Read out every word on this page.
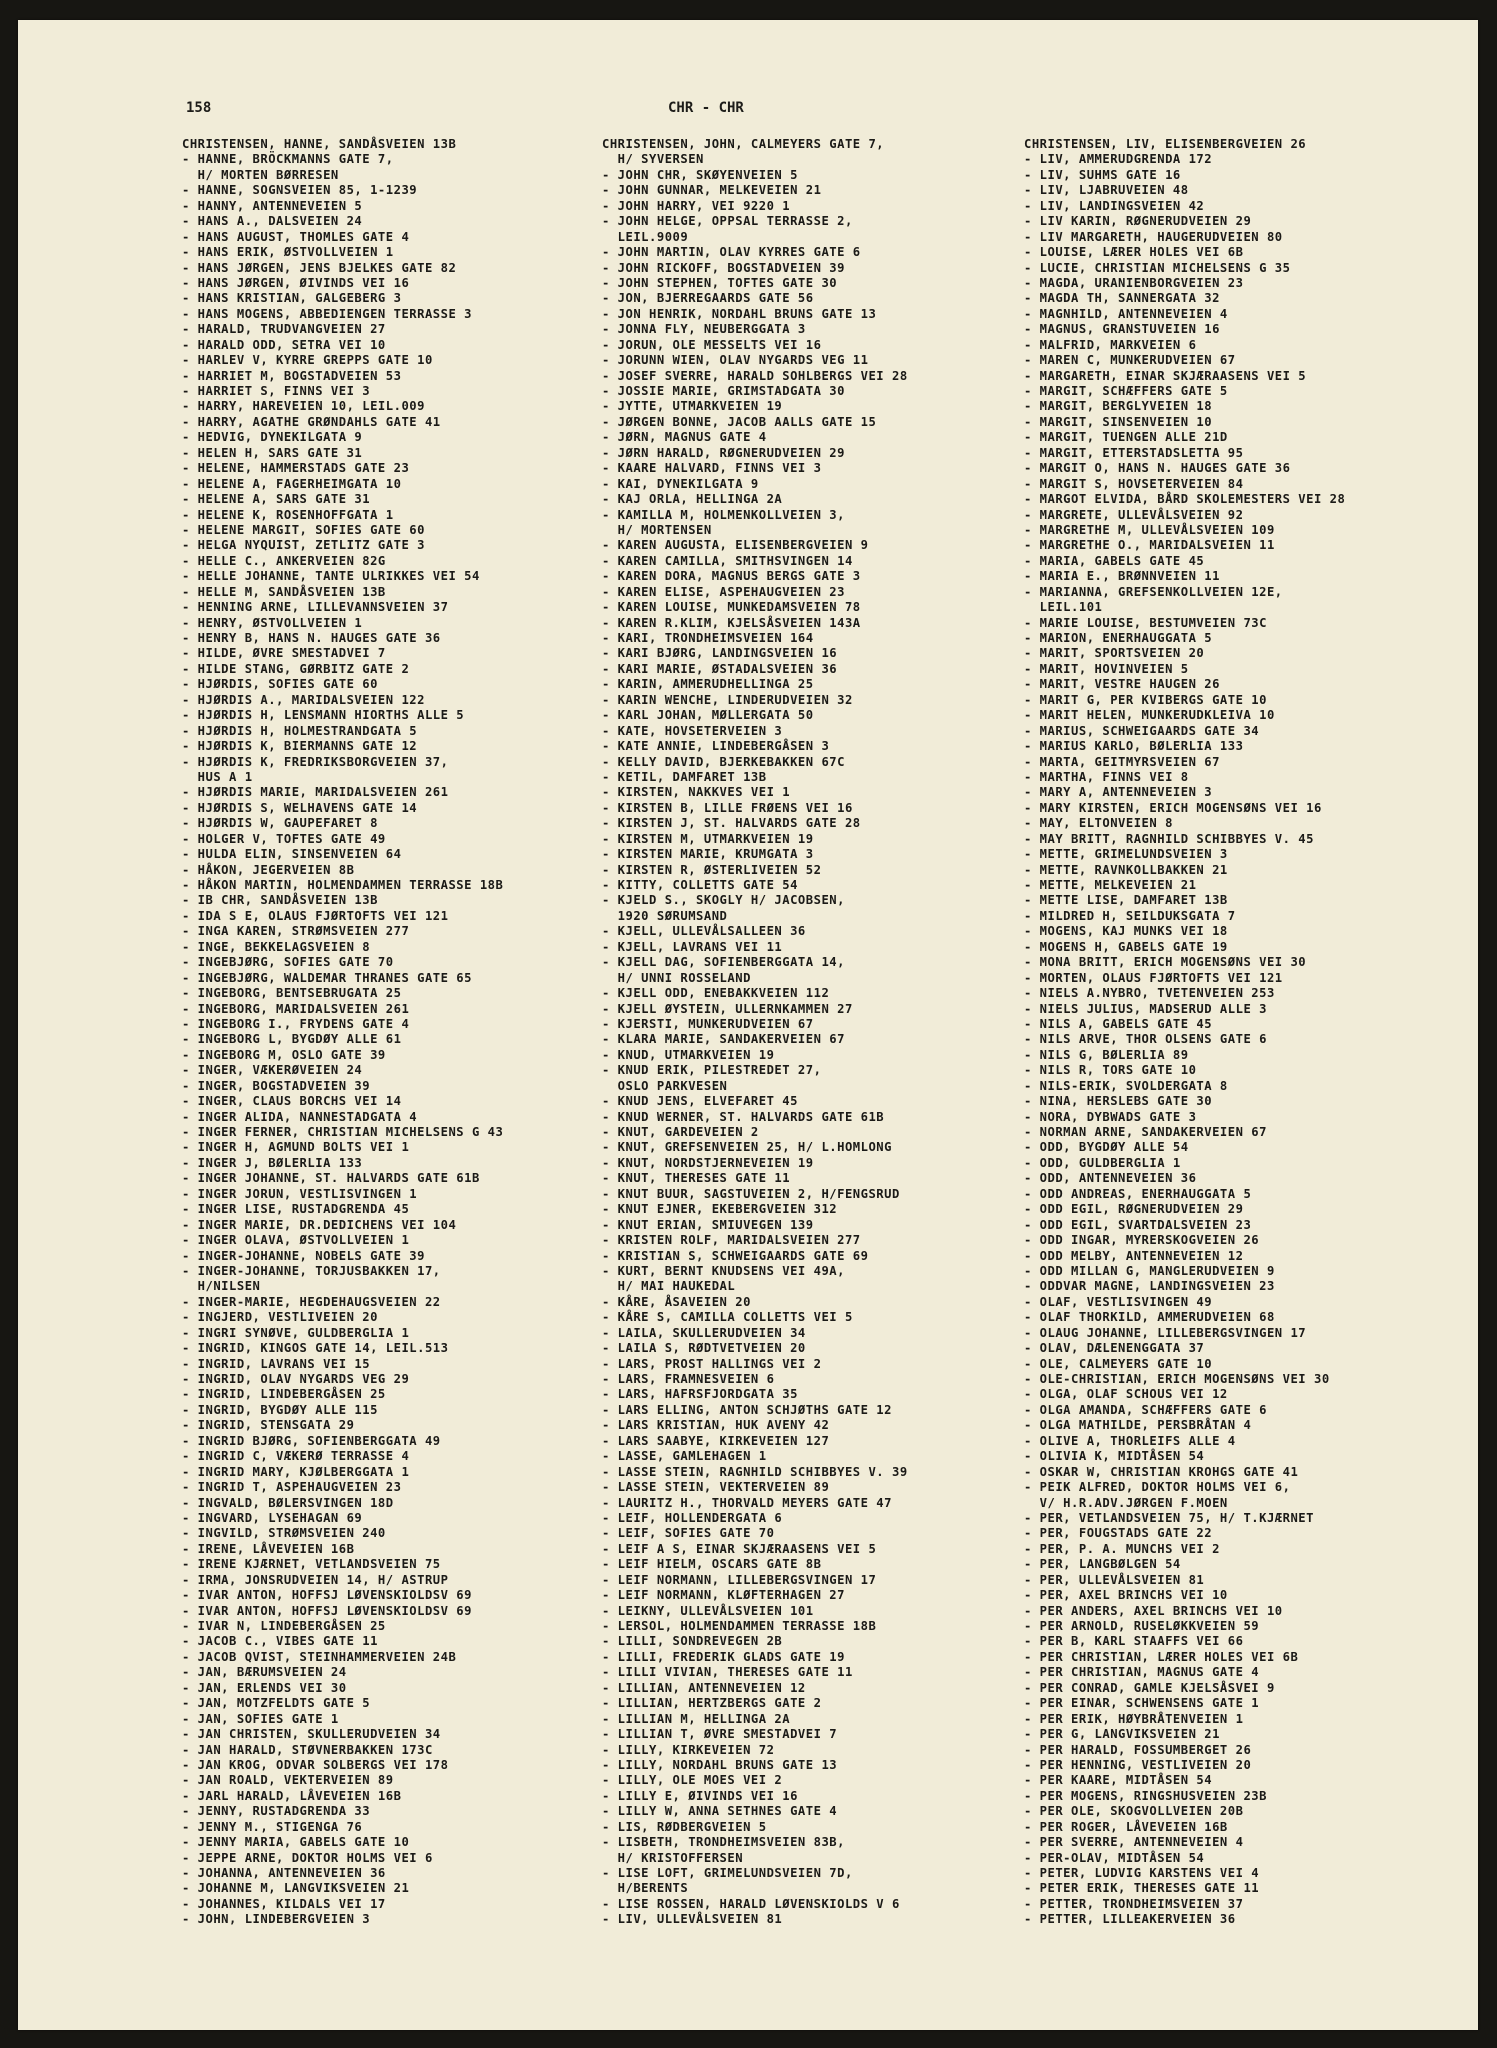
158	CHR - CHR
CHRISTENSEN, HANNE, SANDÅSVEIEN 13B
- HANNE, BRÖCKMANNS GATE 7,
H/ MORTEN BØRRESEN
- HANNE, SOGNSVEIEN 85, 1-1239
- HANNY, ANTENNEVEIEN 5
- HANS A., DALSVEIEN 24
- HANS AUGUST, THOMLES GATE 4
- HANS ERIK, ØSTVOLLVEIEN 1
- HANS JØRGEN, JENS BJELKES GATE 82
- HANS JØRGEN, ØIVINDS VEI 16
- HANS KRISTIAN, GALGEBERG 3
- HANS MOGENS, ABBEDIENGEN TERRASSE 3
- HARALD, TRUDVANGVEIEN 27
- HARALD ODD, SETRA VEI 10
- HARLEV V, KYRRE GREPPS GATE 10
- HARRIET M, BOGSTADVEIEN 53
- HARRIET S, FINNS VEI 3
- HARRY, HAREVEIEN 10, LEIL.009
- HARRY, AGATHE GRØNDAHLS GATE 41
- HEDVIG, DYNEKILGATA 9
- HELEN H, SARS GATE 31
- HELENE, HAMMERSTADS GATE 23
- HELENE A, FAGERHEIMGATA 10
- HELENE A, SARS GATE 31
- HELENE K, ROSENHOFFGATA 1
- HELENE MARGIT, SOFIES GATE 60
- HELGA NYQUIST, ZETLITZ GATE 3
- HELLE C., ANKERVEIEN 82G
- HELLE JOHANNE, TANTE ULRIKKES VEI 54
- HELLE M, SANDÅSVEIEN 13B
- HENNING ARNE, LILLEVANNSVEIEN 37
- HENRY, ØSTVOLLVEIEN 1
- HENRY B, HANS N. HAUGES GATE 36
- HILDE, ØVRE SMESTADVEI 7
- HILDE STANG, GØRBITZ GATE 2
- HJØRDIS, SOFIES GATE 60
- HJØRDIS A., MARIDALSVEIEN 122
- HJØRDIS H, LENSMANN HIORTHS ALLE 5
- HJØRDIS H, HOLMESTRANDGATA 5
- HJØRDIS K, BIERMANNS GATE 12
- HJØRDIS K, FREDRIKSBORGVEIEN 37,
HUS A 1
- HJØRDIS MARIE, MARIDALSVEIEN 261
- HJØRDIS S, WELHAVENS GATE 14
- HJØRDIS W, GAUPEFARET 8
- HOLGER V, TOFTES GATE 49
- HULDA ELIN, SINSENVEIEN 64
- HÅKON, JEGERVEIEN 8B
- HÅKON MARTIN, HOLMENDAMMEN TERRASSE 18B
- IB CHR, SANDÅSVEIEN 13B
- IDA S E, OLAUS FJØRTOFTS VEI 121
- INGA KAREN, STRØMSVEIEN 277
- INGE, BEKKELAGSVEIEN 8
- INGEBJØRG, SOFIES GATE 70
- INGEBJØRG, WALDEMAR THRANES GATE 65
- INGEBORG, BENTSEBRUGATA 25
- INGEBORG, MARIDALSVEIEN 261
- INGEBORG I., FRYDENS GATE 4
- INGEBORG L, BYGDØY ALLE 61
- INGEBORG M, OSLO GATE 39
- INGER, VÆKERØVEIEN 24
- INGER, BOGSTADVEIEN 39
- INGER, CLAUS BORCHS VEI 14
- INGER ALIDA, NANNESTADGATA 4
- INGER FERNER, CHRISTIAN MICHELSENS G 43
- INGER H, AGMUND BOLTS VEI 1
- INGER J, BØLERLIA 133
- INGER JOHANNE, ST. HALVARDS GATE 61B
- INGER JORUN, VESTLISVINGEN 1
- INGER LISE, RUSTADGRENDA 45
- INGER MARIE, DR.DEDICHENS VEI 104
- INGER OLAVA, ØSTVOLLVEIEN 1
- INGER-JOHANNE, NOBELS GATE 39
- INGER-JOHANNE, TORJUSBAKKEN 17,
H/NILSEN
- INGER-MARIE, HEGDEHAUGSVEIEN 22
- INGJERD, VESTLIVEIEN 20
- INGRI SYNØVE, GULDBERGLIA 1
- INGRID, KINGOS GATE 14, LEIL.513
- INGRID, LAVRANS VEI 15
- INGRID, OLAV NYGARDS VEG 29
- INGRID, LINDEBERGÅSEN 25
- INGRID, BYGDØY ALLE 115
- INGRID, STENSGATA 29
- INGRID BJØRG, SOFIENBERGGATA 49
- INGRID C, VÆKERØ TERRASSE 4
- INGRID MARY, KJØLBERGGATA 1
- INGRID T, ASPEHAUGVEIEN 23
- INGVALD, BØLERSVINGEN 18D
- INGVARD, LYSEHAGAN 69
- INGVILD, STRØMSVEIEN 240
- IRENE, LÅVEVEIEN 16B
- IRENE KJÆRNET, VETLANDSVEIEN 75
- IRMA, JONSRUDVEIEN 14, H/ ASTRUP
- IVAR ANTON, HOFFSJ LØVENSKIOLDSV 69
- IVAR ANTON, HOFFSJ LØVENSKIOLDSV 69
- IVAR N, LINDEBERGÅSEN 25
- JACOB C., VIBES GATE 11
- JACOB QVIST, STEINHAMMERVEIEN 24B
- JAN, BÆRUMSVEIEN 24
- JAN, ERLENDS VEI 30
- JAN, MOTZFELDTS GATE 5
- JAN, SOFIES GATE 1
- JAN CHRISTEN, SKULLERUDVEIEN 34
- JAN HARALD, STØVNERBAKKEN 173C
- JAN KROG, ODVAR SOLBERGS VEI 178
- JAN ROALD, VEKTERVEIEN 89
- JARL HARALD, LÅVEVEIEN 16B
- JENNY, RUSTADGRENDA 33
- JENNY M., STIGENGA 76
- JENNY MARIA, GABELS GATE 10
- JEPPE ARNE, DOKTOR HOLMS VEI 6
- JOHANNA, ANTENNEVEIEN 36
- JOHANNE M, LANGVIKSVEIEN 21
- JOHANNES, KILDALS VEI 17
- JOHN, LINDEBERGVEIEN 3
CHRISTENSEN, JOHN, CALMEYERS GATE 7,
H/ SYVERSEN
- JOHN CHR, SKØYENVEIEN 5
- JOHN GUNNAR, MELKEVEIEN 21
- JOHN HARRY, VEI 9220 1
- JOHN HELGE, OPPSAL TERRASSE 2,
LEIL.9009
- JOHN MARTIN, OLAV KYRRES GATE 6
- JOHN RICKOFF, BOGSTADVEIEN 39
- JOHN STEPHEN, TOFTES GATE 30
- JON, BJERREGAARDS GATE 56
- JON HENRIK, NORDAHL BRUNS GATE 13
- JONNA FLY, NEUBERGGATA 3
- JORUN, OLE MESSELTS VEI 16
- JORUNN WIEN, OLAV NYGARDS VEG 11
- JOSEF SVERRE, HARALD SOHLBERGS VEI 28
- JOSSIE MARIE, GRIMSTADGATA 30
- JYTTE, UTMARKVEIEN 19
- JØRGEN BONNE, JACOB AALLS GATE 15
- JØRN, MAGNUS GATE 4
- JØRN HARALD, RØGNERUDVEIEN 29
- KAARE HALVARD, FINNS VEI 3
- KAI, DYNEKILGATA 9
- KAJ ORLA, HELLINGA 2A
- KAMILLA M, HOLMENKOLLVEIEN 3,
H/ MORTENSEN
- KAREN AUGUSTA, ELISENBERGVEIEN 9
- KAREN CAMILLA, SMITHSVINGEN 14
- KAREN DORA, MAGNUS BERGS GATE 3
- KAREN ELISE, ASPEHAUGVEIEN 23
- KAREN LOUISE, MUNKEDAMSVEIEN 78
- KAREN R.KLIM, KJELSÅSVEIEN 143A
- KARI, TRONDHEIMSVEIEN 164
- KARI BJØRG, LANDINGSVEIEN 16
- KARI MARIE, ØSTADALSVEIEN 36
- KARIN, AMMERUDHELLINGA 25
- KARIN WENCHE, LINDERUDVEIEN 32
- KARL JOHAN, MØLLERGATA 50
- KATE, HOVSETERVEIEN 3
- KATE ANNIE, LINDEBERGÅSEN 3
- KELLY DAVID, BJERKEBAKKEN 67C
- KETIL, DAMFARET 13B
- KIRSTEN, NAKKVES VEI 1
- KIRSTEN B, LILLE FRØENS VEI 16
- KIRSTEN J, ST. HALVARDS GATE 28
- KIRSTEN M, UTMARKVEIEN 19
- KIRSTEN MARIE, KRUMGATA 3
- KIRSTEN R, ØSTERLIVEIEN 52
- KITTY, COLLETTS GATE 54
- KJELD S., SKOGLY H/ JACOBSEN,
1920 SØRUMSAND
- KJELL, ULLEVÅLSALLEEN 36
- KJELL, LAVRANS VEI 11
- KJELL DAG, SOFIENBERGGATA 14,
H/ UNNI ROSSELAND
- KJELL ODD, ENEBAKKVEIEN 112
- KJELL ØYSTEIN, ULLERNKAMMEN 27
- KJERSTI, MUNKERUDVEIEN 67
- KLARA MARIE, SANDAKERVEIEN 67
- KNUD, UTMARKVEIEN 19
- KNUD ERIK, PILESTREDET 27,
OSLO PARKVESEN
- KNUD JENS, ELVEFARET 45
- KNUD WERNER, ST. HALVARDS GATE 61B
- KNUT, GARDEVEIEN 2
- KNUT, GREFSENVEIEN 25, H/ L.HOMLONG
- KNUT, NORDSTJERNEVEIEN 19
- KNUT, THERESES GATE 11
- KNUT BUUR, SAGSTUVEIEN 2, H/FENGSRUD
- KNUT EJNER, EKEBERGVEIEN 312
- KNUT ERIAN, SMIUVEGEN 139
- KRISTEN ROLF, MARIDALSVEIEN 277
- KRISTIAN S, SCHWEIGAARDS GATE 69
- KURT, BERNT KNUDSENS VEI 49A,
H/ MAI HAUKEDAL
- KÅRE, ÅSAVEIEN 20
- KÅRE S, CAMILLA COLLETTS VEI 5
- LAILA, SKULLERUDVEIEN 34
- LAILA S, RØDTVETVEIEN 20
- LARS, PROST HALLINGS VEI 2
- LARS, FRAMNESVEIEN 6
- LARS, HAFRSFJORDGATA 35
- LARS ELLING, ANTON SCHJØTHS GATE 12
- LARS KRISTIAN, HUK AVENY 42
- LARS SAABYE, KIRKEVEIEN 127
- LASSE, GAMLEHAGEN 1
- LASSE STEIN, RAGNHILD SCHIBBYES V. 39
- LASSE STEIN, VEKTERVEIEN 89
- LAURITZ H., THORVALD MEYERS GATE 47
- LEIF, HOLLENDERGATA 6
- LEIF, SOFIES GATE 70
- LEIF A S, EINAR SKJÆRAASENS VEI 5
- LEIF HIELM, OSCARS GATE 8B
- LEIF NORMANN, LILLEBERGSVINGEN 17
- LEIF NORMANN, KLØFTERHAGEN 27
- LEIKNY, ULLEVÅLSVEIEN 101
- LERSOL, HOLMENDAMMEN TERRASSE 18B
- LILLI, SONDREVEGEN 2B
- LILLI, FREDERIK GLADS GATE 19
- LILLI VIVIAN, THERESES GATE 11
- LILLIAN, ANTENNEVEIEN 12
- LILLIAN, HERTZBERGS GATE 2
- LILLIAN M, HELLINGA 2A
- LILLIAN T, ØVRE SMESTADVEI 7
- LILLY, KIRKEVEIEN 72
- LILLY, NORDAHL BRUNS GATE 13
- LILLY, OLE MOES VEI 2
- LILLY E, ØIVINDS VEI 16
- LILLY W, ANNA SETHNES GATE 4
- LIS, RØDBERGVEIEN 5
- LISBETH, TRONDHEIMSVEIEN 83B,
H/ KRISTOFFERSEN
- LISE LOFT, GRIMELUNDSVEIEN 7D,
H/BERENTS
- LISE ROSSEN, HARALD LØVENSKIOLDS V 6
- LIV, ULLEVÅLSVEIEN 81
CHRISTENSEN, LIV, ELISENBERGVEIEN 26
- LIV, AMMERUDGRENDA 172
- LIV, SUHMS GATE 16
- LIV, LJABRUVEIEN 48
- LIV, LANDINGSVEIEN 42
- LIV KARIN, RØGNERUDVEIEN 29
- LIV MARGARETH, HAUGERUDVEIEN 80
- LOUISE, LÆRER HOLES VEI 6B
- LUCIE, CHRISTIAN MICHELSENS G 35
- MAGDA, URANIENBORGVEIEN 23
- MAGDA TH, SANNERGATA 32
- MAGNHILD, ANTENNEVEIEN 4
- MAGNUS, GRANSTUVEIEN 16
- MALFRID, MARKVEIEN 6
- MAREN C, MUNKERUDVEIEN 67
- MARGARETH, EINAR SKJÆRAASENS VEI 5
- MARGIT, SCHÆFFERS GATE 5
- MARGIT, BERGLYVEIEN 18
- MARGIT, SINSENVEIEN 10
- MARGIT, TUENGEN ALLE 21D
- MARGIT, ETTERSTADSLETTA 95
- MARGIT O, HANS N. HAUGES GATE 36
- MARGIT S, HOVSETERVEIEN 84
- MARGOT ELVIDA, BÅRD SKOLEMESTERS VEI 28
- MARGRETE, ULLEVÅLSVEIEN 92
- MARGRETHE M, ULLEVÅLSVEIEN 109
- MARGRETHE O., MARIDALSVEIEN 11
- MARIA, GABELS GATE 45
- MARIA E., BRØNNVEIEN 11
- MARIANNA, GREFSENKOLLVEIEN 12E,
LEIL.101
- MARIE LOUISE, BESTUMVEIEN 73C
- MARION, ENERHAUGGATA 5
- MARIT, SPORTSVEIEN 20
- MARIT, HOVINVEIEN 5
- MARIT, VESTRE HAUGEN 26
- MARIT G, PER KVIBERGS GATE 10
- MARIT HELEN, MUNKERUDKLEIVA 10
- MARIUS, SCHWEIGAARDS GATE 34
- MARIUS KARLO, BØLERLIA 133
- MARTA, GEITMYRSVEIEN 67
- MARTHA, FINNS VEI 8
- MARY A, ANTENNEVEIEN 3
- MARY KIRSTEN, ERICH MOGENSØNS VEI 16
- MAY, ELTONVEIEN 8
- MAY BRITT, RAGNHILD SCHIBBYES V. 45
- METTE, GRIMELUNDSVEIEN 3
- METTE, RAVNKOLLBAKKEN 21
- METTE, MELKEVEIEN 21
- METTE LISE, DAMFARET 13B
- MILDRED H, SEILDUKSGATA 7
- MOGENS, KAJ MUNKS VEI 18
- MOGENS H, GABELS GATE 19
- MONA BRITT, ERICH MOGENSØNS VEI 30
- MORTEN, OLAUS FJØRTOFTS VEI 121
- NIELS A.NYBRO, TVETENVEIEN 253
- NIELS JULIUS, MADSERUD ALLE 3
- NILS A, GABELS GATE 45
- NILS ARVE, THOR OLSENS GATE 6
- NILS G, BØLERLIA 89
- NILS R, TORS GATE 10
- NILS-ERIK, SVOLDERGATA 8
- NINA, HERSLEBS GATE 30
- NORA, DYBWADS GATE 3
- NORMAN ARNE, SANDAKERVEIEN 67
- ODD, BYGDØY ALLE 54
- ODD, GULDBERGLIA 1
- ODD, ANTENNEVEIEN 36
- ODD ANDREAS, ENERHAUGGATA 5
- ODD EGIL, RØGNERUDVEIEN 29
- ODD EGIL, SVARTDALSVEIEN 23
- ODD INGAR, MYRERSKOGVEIEN 26
- ODD MELBY, ANTENNEVEIEN 12
- ODD MILLAN G, MANGLERUDVEIEN 9
- ODDVAR MAGNE, LANDINGSVEIEN 23
- OLAF, VESTLISVINGEN 49
- OLAF THORKILD, AMMERUDVEIEN 68
- OLAUG JOHANNE, LILLEBERGSVINGEN 17
- OLAV, DÆLENENGGATA 37
- OLE, CALMEYERS GATE 10
- OLE-CHRISTIAN, ERICH MOGENSØNS VEI 30
- OLGA, OLAF SCHOUS VEI 12
- OLGA AMANDA, SCHÆFFERS GATE 6
- OLGA MATHILDE, PERSBRÅTAN 4
- OLIVE A, THORLEIFS ALLE 4
- OLIVIA K, MIDTÅSEN 54
- OSKAR W, CHRISTIAN KROHGS GATE 41
- PEIK ALFRED, DOKTOR HOLMS VEI 6,
V/ H.R.ADV.JØRGEN F.MOEN
- PER, VETLANDSVEIEN 75, H/ T.KJÆRNET
- PER, FOUGSTADS GATE 22
- PER, P. A. MUNCHS VEI 2
- PER, LANGBØLGEN 54
- PER, ULLEVÅLSVEIEN 81
- PER, AXEL BRINCHS VEI 10
- PER ANDERS, AXEL BRINCHS VEI 10
- PER ARNOLD, RUSELØKKVEIEN 59
- PER B, KARL STAAFFS VEI 66
- PER CHRISTIAN, LÆRER HOLES VEI 6B
- PER CHRISTIAN, MAGNUS GATE 4
- PER CONRAD, GAMLE KJELSÅSVEI 9
- PER EINAR, SCHWENSENS GATE 1
- PER ERIK, HØYBRÅTENVEIEN 1
- PER G, LANGVIKSVEIEN 21
- PER HARALD, FOSSUMBERGET 26
- PER HENNING, VESTLIVEIEN 20
- PER KAARE, MIDTÅSEN 54
- PER MOGENS, RINGSHUSVEIEN 23B
- PER OLE, SKOGVOLLVEIEN 20B
- PER ROGER, LÅVEVEIEN 16B
- PER SVERRE, ANTENNEVEIEN 4
- PER-OLAV, MIDTÅSEN 54
- PETER, LUDVIG KARSTENS VEI 4
- PETER ERIK, THERESES GATE 11
- PETTER, TRONDHEIMSVEIEN 37
- PETTER, LILLEAKERVEIEN 36
